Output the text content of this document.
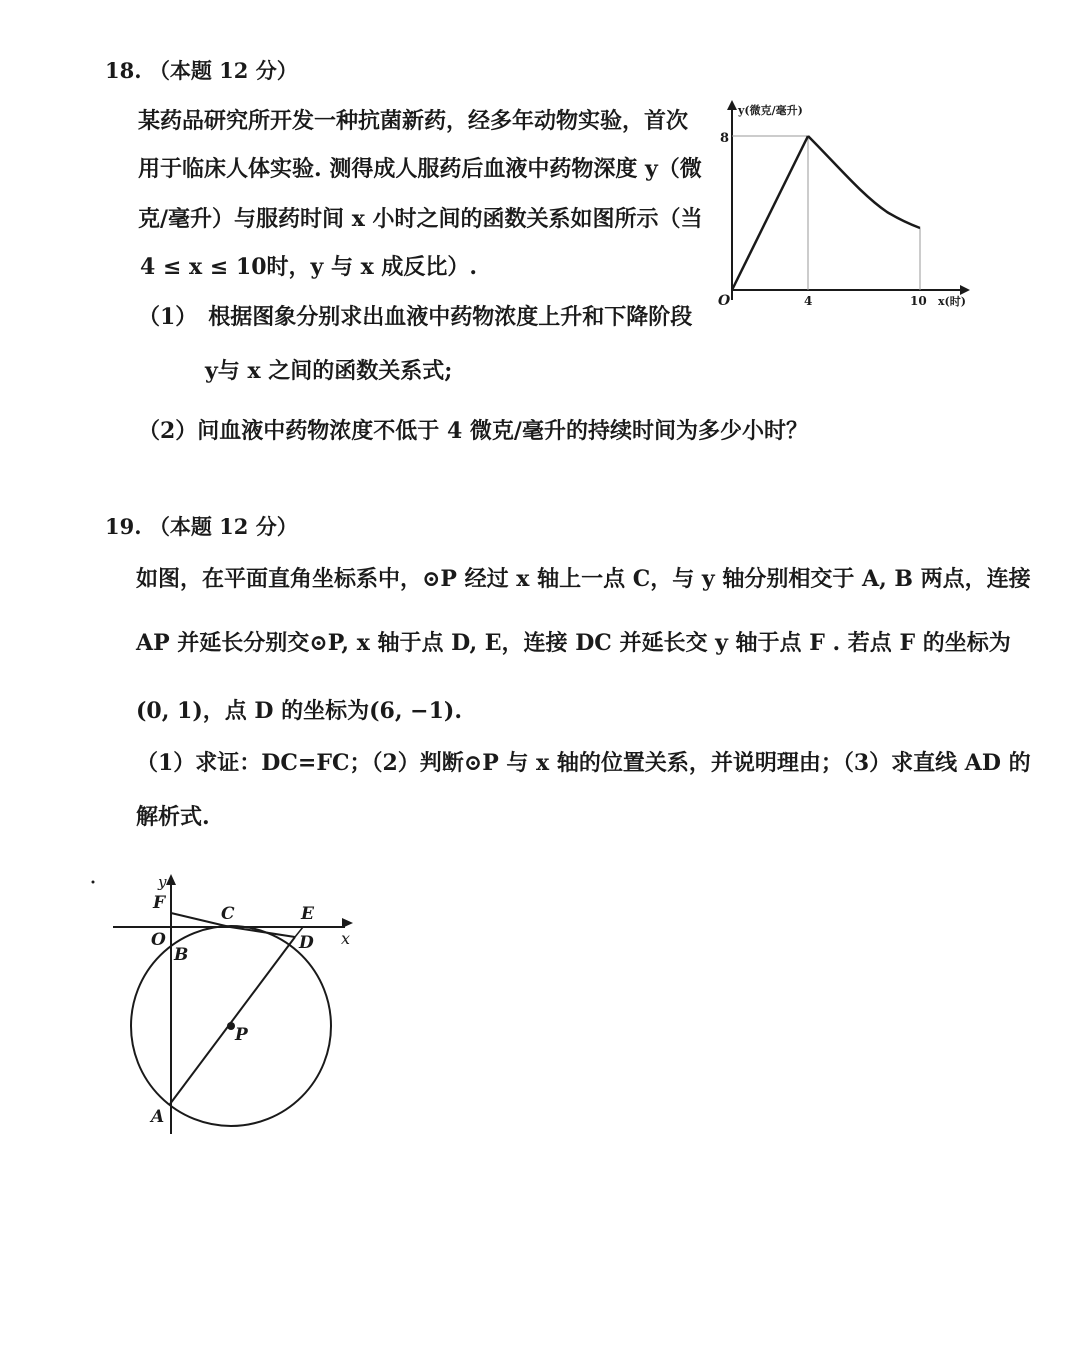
18. （本题 12 分）
某药品研究所开发一种抗菌新药，经多年动物实验，首次
用于临床人体实验. 测得成人服药后血液中药物深度 y（微
克/毫升）与服药时间 x 小时之间的函数关系如图所示（当
4 ≤ x ≤ 10时，y 与 x 成反比）.
（1）　根据图象分别求出血液中药物浓度上升和下降阶段
y与 x 之间的函数关系式;
（2）问血液中药物浓度不低于 4 微克/毫升的持续时间为多少小时？
y(微克/毫升)
O
8
4	10 x(时)
19. （本题 12 分）
如图，在平面直角坐标系中，⊙P 经过 x 轴上一点 C，与 y 轴分别相交于 A, B 两点，连接
AP 并延长分别交⊙P, x 轴于点 D, E，连接 DC 并延长交 y 轴于点 F . 若点 F 的坐标为
(0, 1)，点 D 的坐标为(6, −1).
（1）求证：DC=FC；（2）判断⊙P 与 x 轴的位置关系，并说明理由；（3）求直线 AD 的
解析式.
y
F
C	E
x
O	D
B
P
A
